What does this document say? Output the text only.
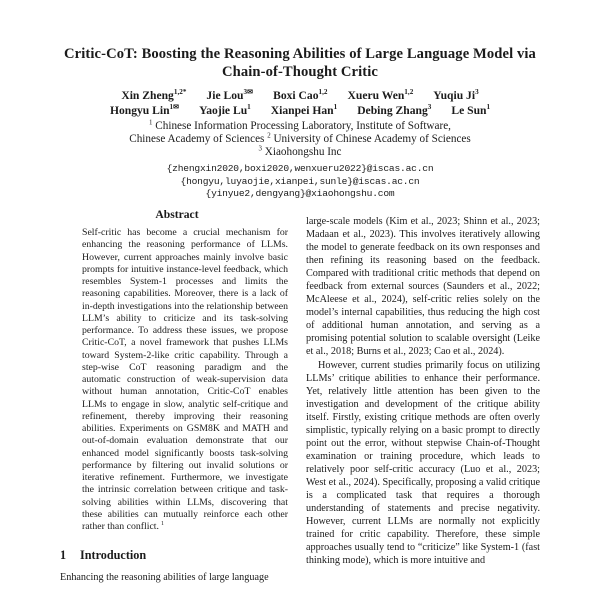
Critic-CoT: Boosting the Reasoning Abilities of Large Language Model via Chain-of-Thought Critic
Xin Zheng$^{1,2*}$ Jie Lou$^{3✉}$ Boxi Cao$^{1,2}$ Xueru Wen$^{1,2}$ Yuqiu Ji$^3$
Hongyu Lin$^{1✉}$ Yaojie Lu$^1$ Xianpei Han$^1$ Debing Zhang$^3$ Le Sun$^1$
$^1$ Chinese Information Processing Laboratory, Institute of Software,
Chinese Academy of Sciences $^2$ University of Chinese Academy of Sciences
$^3$ Xiaohongshu Inc
{zhengxin2020,boxi2020,wenxueru2022}@iscas.ac.cn
{hongyu,luyaojie,xianpei,sunle}@iscas.ac.cn
{yinyue2,dengyang}@xiaohongshu.com
Abstract

Self-critic has become a crucial mechanism for enhancing the reasoning performance of LLMs. However, current approaches mainly involve basic prompts for intuitive instance-level feedback, which resembles System-1 processes and limits the reasoning capabilities. Moreover, there is a lack of in-depth investigations into the relationship between LLM’s ability to criticize and its task-solving performance. To address these issues, we propose Critic-CoT, a novel framework that pushes LLMs toward System-2-like critic capability. Through a step-wise CoT reasoning paradigm and the automatic construction of weak-supervision data without human annotation, Critic-CoT enables LLMs to engage in slow, analytic self-critique and refinement, thereby improving their reasoning abilities. Experiments on GSM8K and MATH and out-of-domain evaluation demonstrate that our enhanced model significantly boosts task-solving performance by filtering out invalid solutions or iterative refinement. Furthermore, we investigate the intrinsic correlation between critique and task-solving abilities within LLMs, discovering that these abilities can mutually reinforce each other rather than conflict. $^1$

1 Introduction

Enhancing the reasoning abilities of large language

large-scale models (Kim et al., 2023; Shinn et al., 2023; Madaan et al., 2023). This involves iteratively allowing the model to generate feedback on its own responses and then refining its reasoning based on the feedback. Compared with traditional critic methods that depend on feedback from external sources (Saunders et al., 2022; McAleese et al., 2024), self-critic relies solely on the model’s internal capabilities, thus reducing the high cost of additional human annotation, and serving as a promising potential solution to scalable oversight (Leike et al., 2018; Burns et al., 2023; Cao et al., 2024).

However, current studies primarily focus on utilizing LLMs’ critique abilities to enhance their performance. Yet, relatively little attention has been given to the investigation and development of the critique ability itself. Firstly, existing critique methods are often overly simplistic, typically relying on a basic prompt to directly point out the error, without stepwise Chain-of-Thought examination or training procedure, which leads to relatively poor self-critic accuracy (Luo et al., 2023; West et al., 2024). Specifically, proposing a valid critique is a complicated task that requires a thorough understanding of statements and precise negativity. However, current LLMs are normally not explicitly trained for critic capability. Therefore, these simple approaches usually tend to “criticize” like System-1 (fast thinking mode), which is more intuitive and
